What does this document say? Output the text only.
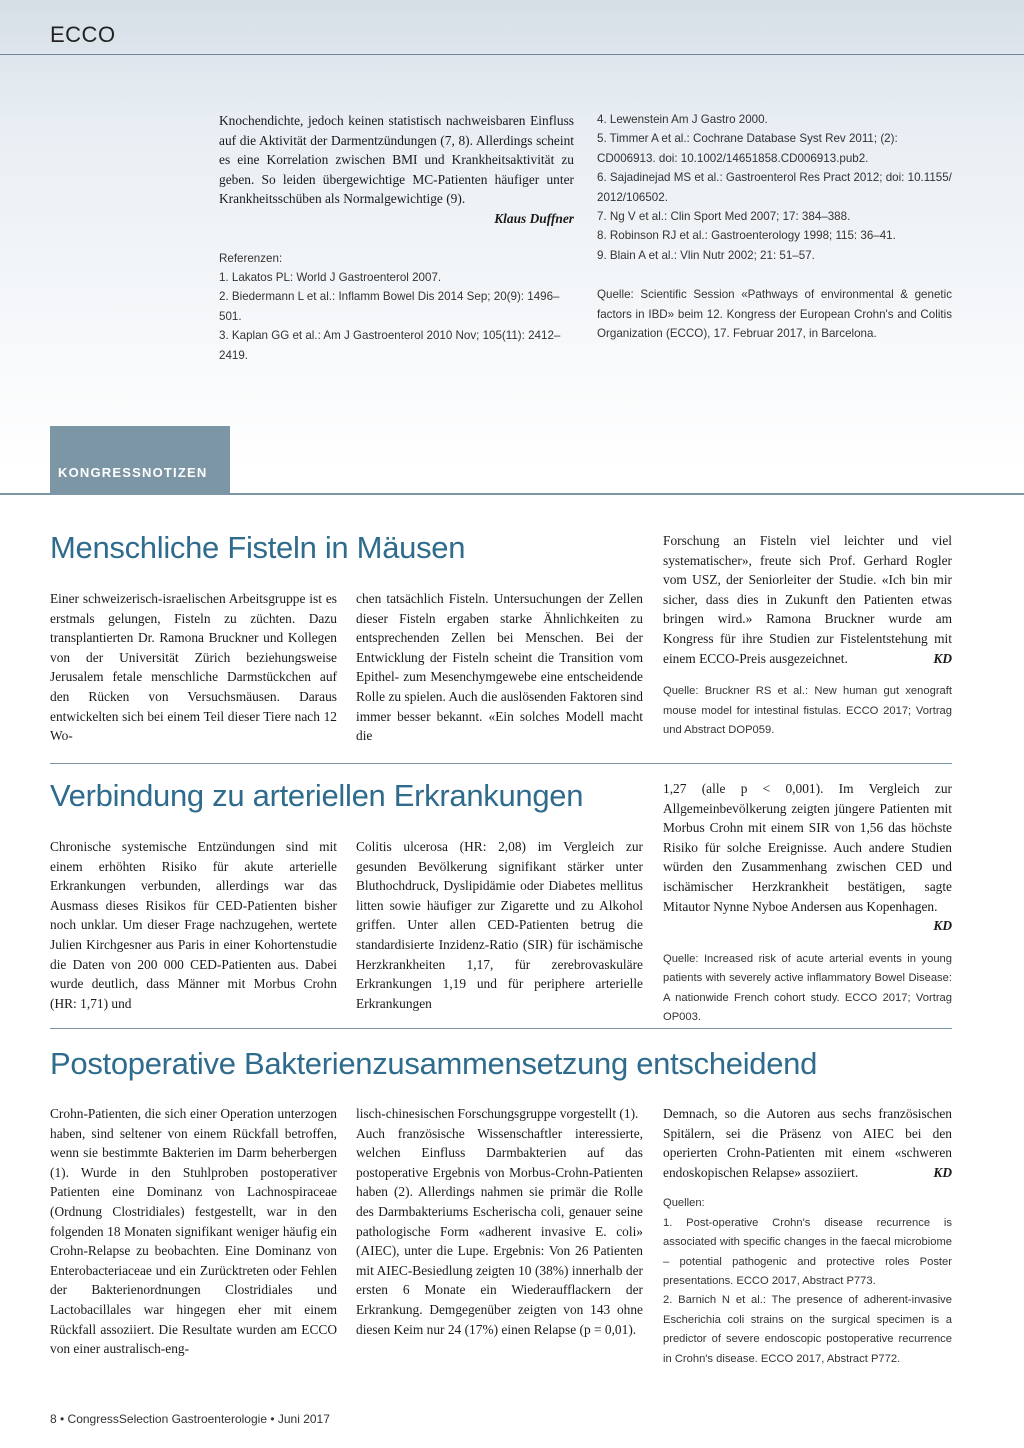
ECCO

Knochendichte, jedoch keinen statistisch nachweisbaren Einfluss auf die Aktivität der Darmentzündungen (7, 8). Allerdings scheint es eine Korrelation zwischen BMI und Krankheitsaktivität zu geben. So leiden übergewichtige MC-Patienten häufiger unter Krankheitsschüben als Normalgewichtige (9).

Klaus Duffner

Referenzen:

1. Lakatos PL: World J Gastroenterol 2007.

2. Biedermann L et al.: Inflamm Bowel Dis 2014 Sep; 20(9): 1496–501.

3. Kaplan GG et al.: Am J Gastroenterol 2010 Nov; 105(11): 2412–2419.

4. Lewenstein Am J Gastro 2000.

5. Timmer A et al.: Cochrane Database Syst Rev 2011; (2): CD006913. doi: 10.1002/14651858.CD006913.pub2.

6. Sajadinejad MS et al.: Gastroenterol Res Pract 2012; doi: 10.1155/ 2012/106502.

7. Ng V et al.: Clin Sport Med 2007; 17: 384–388.

8. Robinson RJ et al.: Gastroenterology 1998; 115: 36–41.

9. Blain A et al.: Vlin Nutr 2002; 21: 51–57.

Quelle: Scientific Session «Pathways of environmental & genetic factors in IBD» beim 12. Kongress der European Crohn's and Colitis Organization (ECCO), 17. Februar 2017, in Barcelona.

KONGRESSNOTIZEN
Menschliche Fisteln in Mäusen

Einer schweizerisch-israelischen Arbeitsgruppe ist es erstmals gelungen, Fisteln zu züchten. Dazu transplantierten Dr. Ramona Bruckner und Kollegen von der Universität Zürich beziehungsweise Jerusalem fetale menschliche Darmstückchen auf den Rücken von Versuchsmäusen. Daraus entwickelten sich bei einem Teil dieser Tiere nach 12 Wo-

chen tatsächlich Fisteln. Untersuchungen der Zellen dieser Fisteln ergaben starke Ähnlichkeiten zu entsprechenden Zellen bei Menschen. Bei der Entwicklung der Fisteln scheint die Transition vom Epithel- zum Mesenchymgewebe eine entscheidende Rolle zu spielen. Auch die auslösenden Faktoren sind immer besser bekannt. «Ein solches Modell macht die

Forschung an Fisteln viel leichter und viel systematischer», freute sich Prof. Gerhard Rogler vom USZ, der Seniorleiter der Studie. «Ich bin mir sicher, dass dies in Zukunft den Patienten etwas bringen wird.» Ramona Bruckner wurde am Kongress für ihre Studien zur Fistelentstehung mit einem ECCO-Preis ausgezeichnet.	KD

Quelle: Bruckner RS et al.: New human gut xenograft mouse model for intestinal fistulas. ECCO 2017; Vortrag und Abstract DOP059.

Verbindung zu arteriellen Erkrankungen

Chronische systemische Entzündungen sind mit einem erhöhten Risiko für akute arterielle Erkrankungen verbunden, allerdings war das Ausmass dieses Risikos für CED-Patienten bisher noch unklar. Um dieser Frage nachzugehen, wertete Julien Kirchgesner aus Paris in einer Kohortenstudie die Daten von 200 000 CED-Patienten aus. Dabei wurde deutlich, dass Männer mit Morbus Crohn (HR: 1,71) und

Colitis ulcerosa (HR: 2,08) im Vergleich zur gesunden Bevölkerung signifikant stärker unter Bluthochdruck, Dyslipidämie oder Diabetes mellitus litten sowie häufiger zur Zigarette und zu Alkohol griffen. Unter allen CED-Patienten betrug die standardisierte Inzidenz-Ratio (SIR) für ischämische Herzkrankheiten 1,17, für zerebrovaskuläre Erkrankungen 1,19 und für periphere arterielle Erkrankungen

1,27 (alle p < 0,001). Im Vergleich zur Allgemeinbevölkerung zeigten jüngere Patienten mit Morbus Crohn mit einem SIR von 1,56 das höchste Risiko für solche Ereignisse. Auch andere Studien würden den Zusammenhang zwischen CED und ischämischer Herzkrankheit bestätigen, sagte Mitautor Nynne Nyboe Andersen aus Kopenhagen.
KD

Quelle: Increased risk of acute arterial events in young patients with severely active inflammatory Bowel Disease: A nationwide French cohort study. ECCO 2017; Vortrag OP003.

Postoperative Bakterienzusammensetzung entscheidend

Crohn-Patienten, die sich einer Operation unterzogen haben, sind seltener von einem Rückfall betroffen, wenn sie bestimmte Bakterien im Darm beherbergen (1). Wurde in den Stuhlproben postoperativer Patienten eine Dominanz von Lachnospiraceae (Ordnung Clostridiales) festgestellt, war in den folgenden 18 Monaten signifikant weniger häufig ein Crohn-Relapse zu beobachten. Eine Dominanz von Enterobacteriaceae und ein Zurücktreten oder Fehlen der Bakterienordnungen Clostridiales und Lactobacillales war hingegen eher mit einem Rückfall assoziiert. Die Resultate wurden am ECCO von einer australisch-eng-

lisch-chinesischen Forschungsgruppe vorgestellt (1).

Auch französische Wissenschaftler interessierte, welchen Einfluss Darmbakterien auf das postoperative Ergebnis von Morbus-Crohn-Patienten haben (2). Allerdings nahmen sie primär die Rolle des Darmbakteriums Escherischa coli, genauer seine pathologische Form «adherent invasive E. coli» (AIEC), unter die Lupe. Ergebnis: Von 26 Patienten mit AIEC-Besiedlung zeigten 10 (38%) innerhalb der ersten 6 Monate ein Wiederaufflackern der Erkrankung. Demgegenüber zeigten von 143 ohne diesen Keim nur 24 (17%) einen Relapse (p = 0,01).

Demnach, so die Autoren aus sechs französischen Spitälern, sei die Präsenz von AIEC bei den operierten Crohn-Patienten mit einem «schweren endoskopischen Relapse» assoziiert.	KD

Quellen:

1. Post-operative Crohn's disease recurrence is associated with specific changes in the faecal microbiome – potential pathogenic and protective roles Poster presentations. ECCO 2017, Abstract P773.

2. Barnich N et al.: The presence of adherent-invasive Escherichia coli strains on the surgical specimen is a predictor of severe endoscopic postoperative recurrence in Crohn's disease. ECCO 2017, Abstract P772.

8 • CongressSelection Gastroenterologie • Juni 2017
